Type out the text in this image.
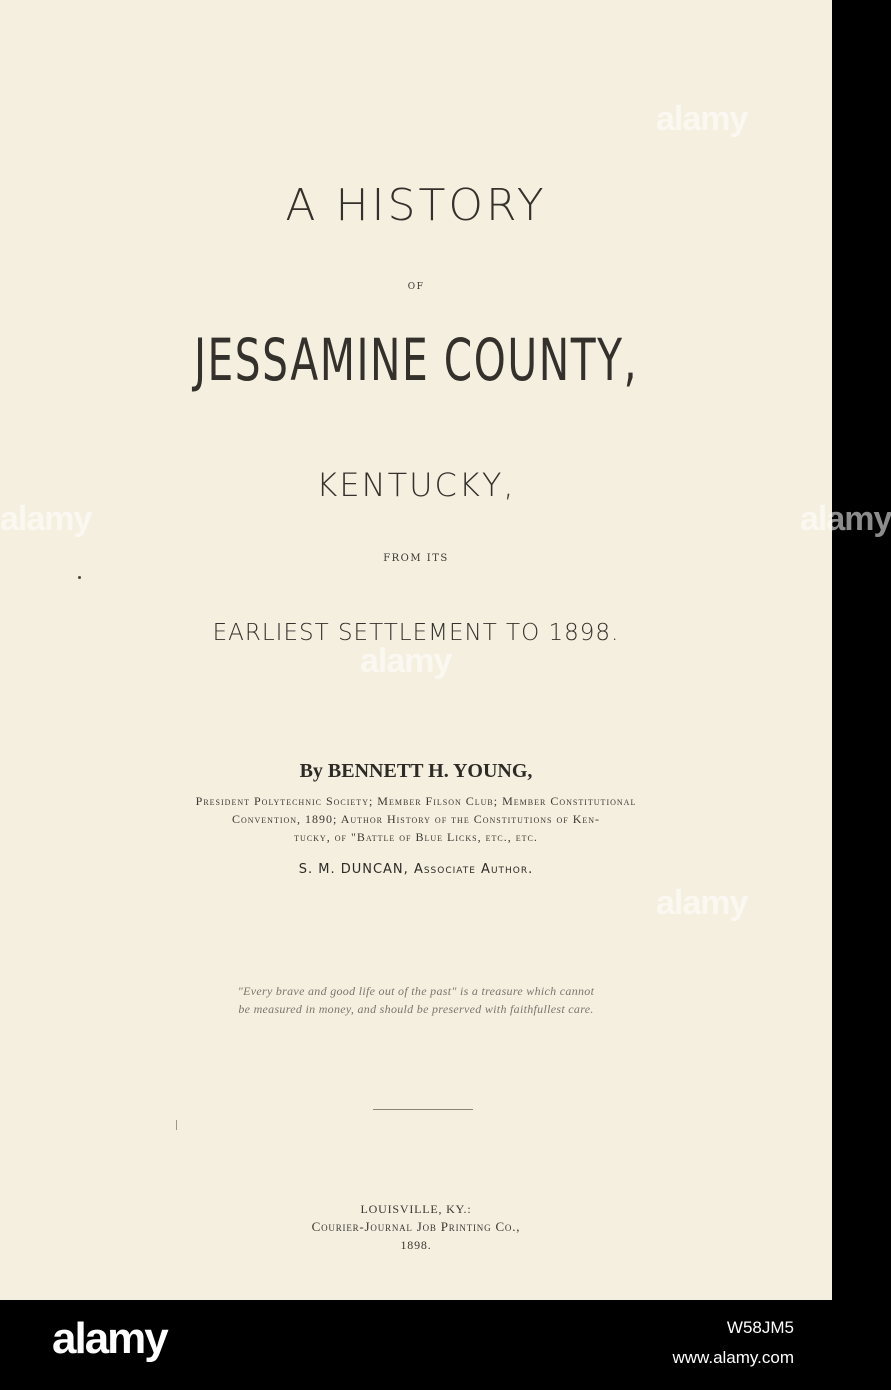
A HISTORY
OF
JESSAMINE COUNTY,
KENTUCKY,
FROM ITS
EARLIEST SETTLEMENT TO 1898.
By BENNETT H. YOUNG,
President Polytechnic Society; Member Filson Club; Member Constitutional
Convention, 1890; Author History of the Constitutions of Ken-
tucky, of "Battle of Blue Licks, etc., etc.
S. M. DUNCAN, Associate Author.
"Every brave and good life out of the past" is a treasure which cannot
be measured in money, and should be preserved with faithfullest care.
LOUISVILLE, KY.:
Courier-Journal Job Printing Co.,
1898.
alamy
alamy
alamy	alamy
alamy
alamy	W58JM5
www.alamy.com
